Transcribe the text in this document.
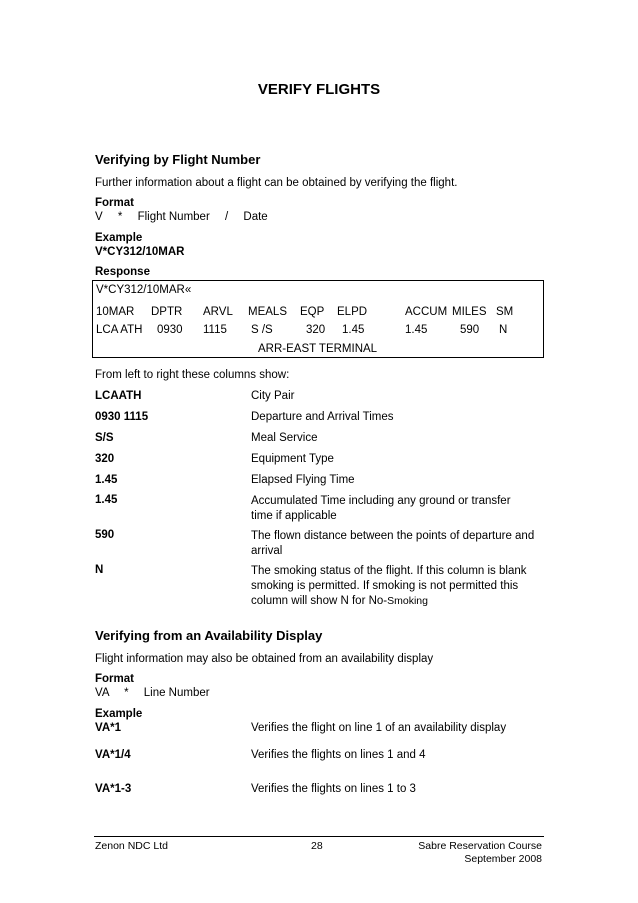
VERIFY FLIGHTS
Verifying by Flight Number
Further information about a flight can be obtained by verifying the flight.
Format
V * Flight Number / Date
Example
V*CY312/10MAR
Response
V*CY312/10MAR«
10MAR DPTR ARVL MEALS EQP ELPD	ACCUM MILES SM
LCA ATH 0930 1115 S /S	320 1.45	1.45	590 N
ARR-EAST TERMINAL
From left to right these columns show:
LCAATH	City Pair
0930 1115	Departure and Arrival Times
S/S	Meal Service
320	Equipment Type
1.45	Elapsed Flying Time
1.45	Accumulated Time including any ground or transfer time if applicable
590	The flown distance between the points of departure and arrival
N	The smoking status of the flight. If this column is blank smoking is permitted. If smoking is not permitted this column will show N for No-Smoking
Verifying from an Availability Display
Flight information may also be obtained from an availability display
Format
VA * Line Number
Example
VA*1	Verifies the flight on line 1 of an availability display
VA*1/4	Verifies the flights on lines 1 and 4
VA*1-3	Verifies the flights on lines 1 to 3
Zenon NDC Ltd	28	Sabre Reservation Course
September 2008
